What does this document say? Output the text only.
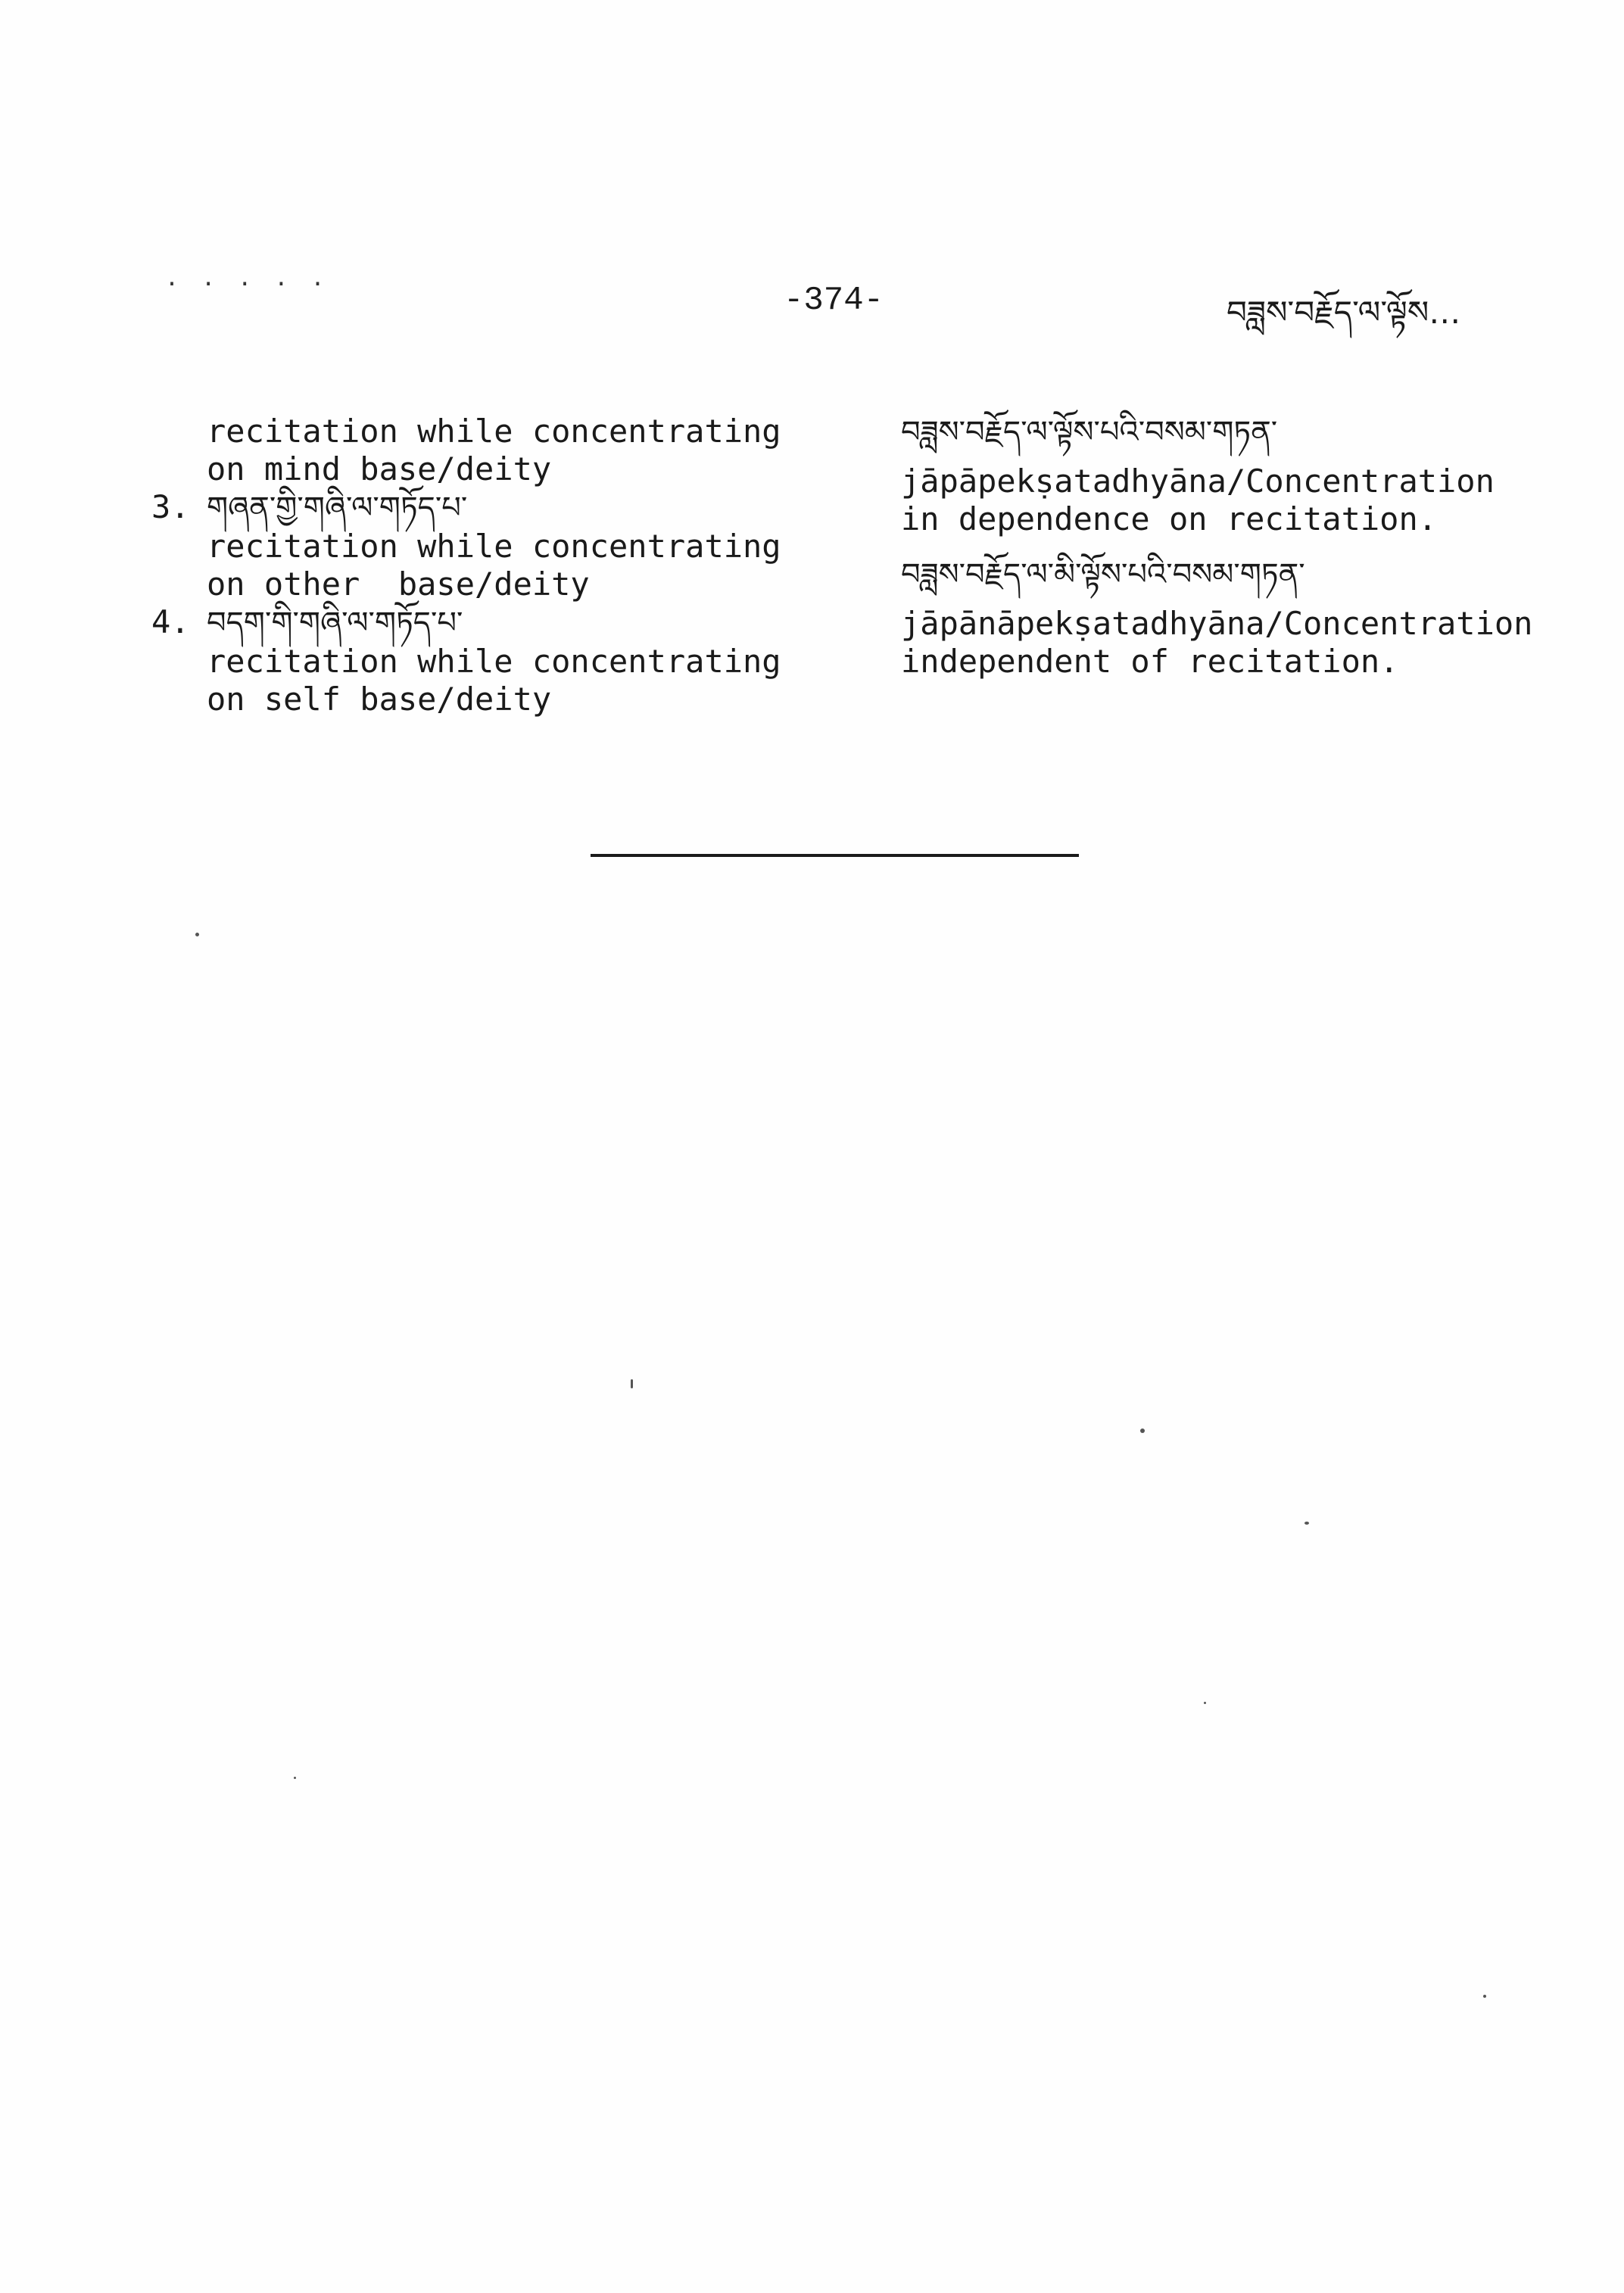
. . . . .
-374-	བཟླས་བརྗོད་ལ་ལྟོས…
recitation while concentrating
on mind base/deity
3. གཞན་གྱི་གཞི་ལ་གཏོད་པ་
recitation while concentrating
on other  base/deity
4. བདག་གི་གཞི་ལ་གཏོད་པ་
recitation while concentrating
on self base/deity
བཟླས་བརྗོད་ལ་ལྟོས་པའི་བསམ་གཏན་
jāpāpekṣatadhyāna/Concentration
in dependence on recitation.
བཟླས་བརྗོད་ལ་མི་ལྟོས་པའི་བསམ་གཏན་
jāpānāpekṣatadhyāna/Concentration
independent of recitation.
